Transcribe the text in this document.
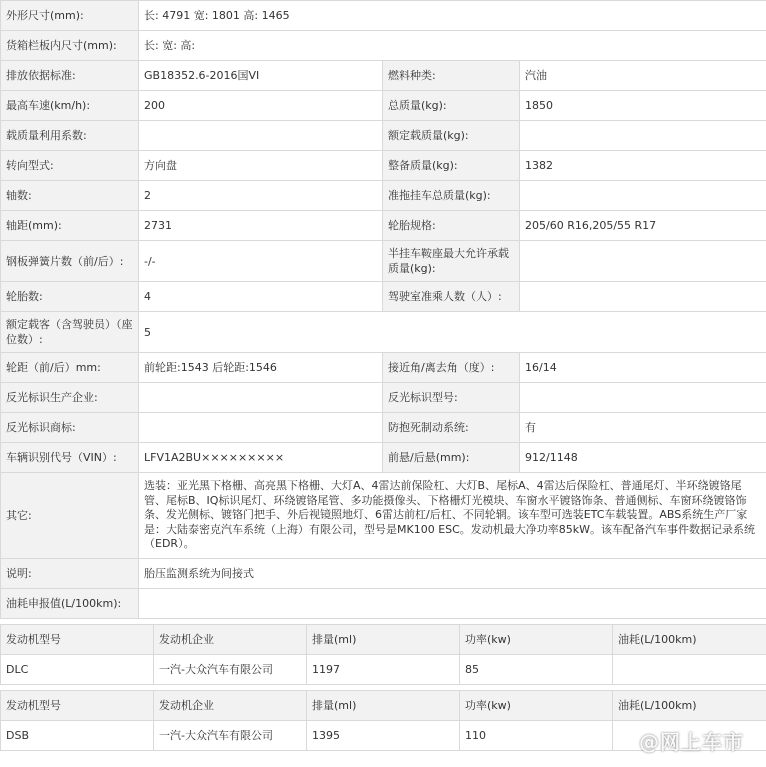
外形尺寸(mm):	长: 4791 宽: 1801 高: 1465		
货箱栏板内尺寸(mm):	长: 宽: 高:		
排放依据标准:	GB18352.6-2016国VI	燃料种类:	汽油
最高车速(km/h):	200	总质量(kg):	1850
载质量利用系数:		额定载质量(kg):	
转向型式:	方向盘	整备质量(kg):	1382
轴数:	2	准拖挂车总质量(kg):	
轴距(mm):	2731	轮胎规格:	205/60 R16,205/55 R17
钢板弹簧片数（前/后）:	-/-	半挂车鞍座最大允许承载质量(kg):	
轮胎数:	4	驾驶室准乘人数（人）:	
额定载客（含驾驶员）（座位数）:	5		
轮距（前/后）mm:	前轮距:1543 后轮距:1546	接近角/离去角（度）:	16/14
反光标识生产企业:		反光标识型号:	
反光标识商标:		防抱死制动系统:	有
车辆识别代号（VIN）:	LFV1A2BU×××××××××	前悬/后悬(mm):	912/1148
其它:	选装：亚光黑下格栅、高亮黑下格栅、大灯A、4雷达前保险杠、大灯B、尾标A、4雷达后保险杠、普通尾灯、半环绕镀铬尾管、尾标B、IQ标识尾灯、环绕镀铬尾管、多功能摄像头、下格栅灯光模块、车窗水平镀铬饰条、普通侧标、车窗环绕镀铬饰条、发光侧标、镀铬门把手、外后视镜照地灯、6雷达前杠/后杠、不同轮辋。该车型可选装ETC车载装置。ABS系统生产厂家是：大陆泰密克汽车系统（上海）有限公司，型号是MK100 ESC。发动机最大净功率85kW。该车配备汽车事件数据记录系统（EDR）。		
说明:	胎压监测系统为间接式		
油耗申报值(L/100km):			
发动机型号	发动机企业	排量(ml)	功率(kw)	油耗(L/100km)
DLC	一汽-大众汽车有限公司	1197	85	
发动机型号	发动机企业	排量(ml)	功率(kw)	油耗(L/100km)
DSB	一汽-大众汽车有限公司	1395	110		@网上车市
